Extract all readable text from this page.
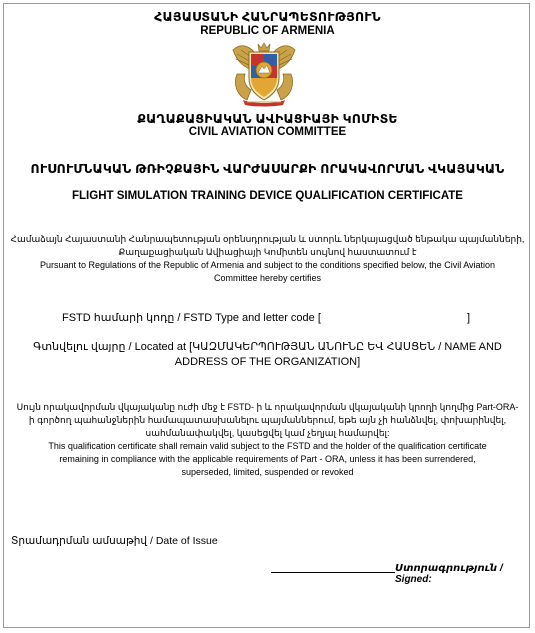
ՀԱՅԱՍՏԱՆԻ ՀԱՆՐԱՊԵՏՈՒԹՅՈՒՆ
REPUBLIC OF ARMENIA
ՔԱՂԱՔԱՑԻԱԿԱՆ ԱՎԻԱՑԻԱՅԻ ԿՈՄԻՏԵ
CIVIL AVIATION COMMITTEE
ՈՒՍՈՒՄՆԱԿԱՆ ԹՌԻՉՔԱՅԻՆ ՎԱՐԺԱՍԱՐՔԻ ՈՐԱԿԱՎՈՐՄԱՆ ՎԿԱՅԱԿԱՆ
FLIGHT SIMULATION TRAINING DEVICE QUALIFICATION CERTIFICATE
Համաձայն Հայաստանի Հանրապետության օրենսդրության և ստորև ներկայացված ենթակա պայմանների,
Քաղաքացիական Ավիացիայի Կոմիտեն սույնով հաստատում է
Pursuant to Regulations of the Republic of Armenia and subject to the conditions specified below, the Civil Aviation
Committee hereby certifies
FSTD համարի կոդը / FSTD Type and letter code [	]
Գտնվելու վայրը / Located at [ԿԱԶՄԱԿԵՐՊՈՒԹՅԱՆ ԱՆՈՒՆԸ ԵՎ ՀԱՍՑԵՆ / NAME AND
ADDRESS OF THE ORGANIZATION]
Սույն որակավորման վկայականը ուժի մեջ է FSTD- ի և որակավորման վկայականի կրողի կողմից Part-ORA-
ի գործող պահանջներին համապատասխանելու պայմաններում, եթե այն չի հանձնվել, փոխարինվել,
սահմանափակվել, կասեցվել կամ չեղյալ համարվել:
This qualification certificate shall remain valid subject to the FSTD and the holder of the qualification certificate
remaining in compliance with the applicable requirements of Part - ORA, unless it has been surrendered,
superseded, limited, suspended or revoked
Տրամադրման ամսաթիվ / Date of Issue
Ստորագրություն / Signed:
